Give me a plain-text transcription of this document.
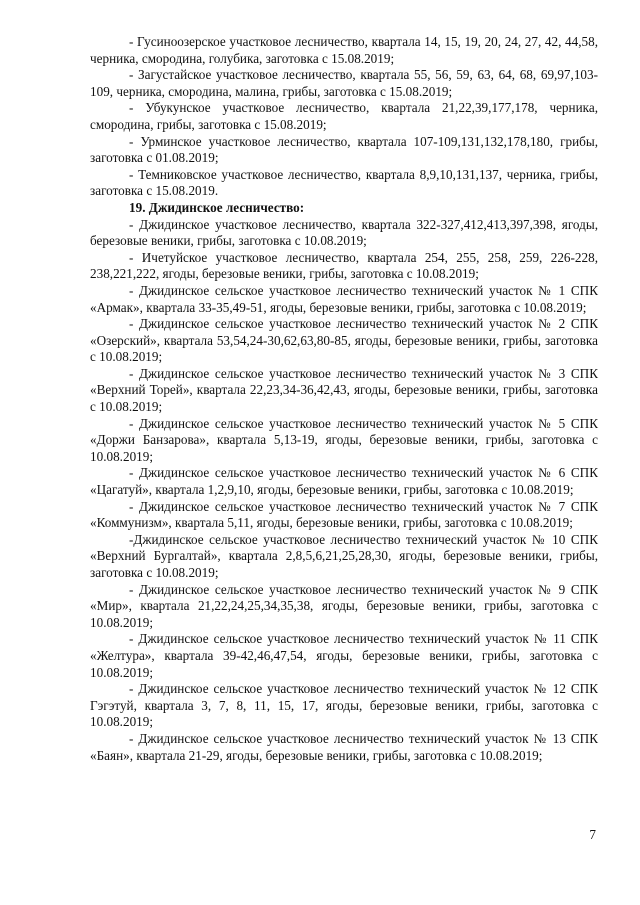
- Гусиноозерское участковое лесничество, квартала 14, 15, 19, 20, 24, 27, 42, 44,58, черника, смородина, голубика, заготовка с 15.08.2019;

- Загустайское участковое лесничество, квартала 55, 56, 59, 63, 64, 68, 69,97,103-109, черника, смородина, малина, грибы, заготовка с 15.08.2019;

- Убукунское участковое лесничество, квартала 21,22,39,177,178, черника, смородина, грибы, заготовка с 15.08.2019;

- Урминское участковое лесничество, квартала 107-109,131,132,178,180, грибы, заготовка с 01.08.2019;

- Темниковское участковое лесничество, квартала 8,9,10,131,137, черника, грибы, заготовка с 15.08.2019.

19. Джидинское лесничество:

- Джидинское участковое лесничество, квартала 322-327,412,413,397,398, ягоды, березовые веники, грибы, заготовка с 10.08.2019;

- Ичетуйское участковое лесничество, квартала 254, 255, 258, 259, 226-228, 238,221,222, ягоды, березовые веники, грибы, заготовка с 10.08.2019;

- Джидинское сельское участковое лесничество технический участок № 1 СПК «Армак», квартала 33-35,49-51, ягоды, березовые веники, грибы, заготовка с 10.08.2019;

- Джидинское сельское участковое лесничество технический участок № 2 СПК «Озерский», квартала 53,54,24-30,62,63,80-85, ягоды, березовые веники, грибы, заготовка с 10.08.2019;

- Джидинское сельское участковое лесничество технический участок № 3 СПК «Верхний Торей», квартала 22,23,34-36,42,43, ягоды, березовые веники, грибы, заготовка с 10.08.2019;

- Джидинское сельское участковое лесничество технический участок № 5 СПК «Доржи Банзарова», квартала 5,13-19, ягоды, березовые веники, грибы, заготовка с 10.08.2019;

- Джидинское сельское участковое лесничество технический участок № 6 СПК «Цагатуй», квартала 1,2,9,10, ягоды, березовые веники, грибы, заготовка с 10.08.2019;

- Джидинское сельское участковое лесничество технический участок № 7 СПК «Коммунизм», квартала 5,11, ягоды, березовые веники, грибы, заготовка с 10.08.2019;

-Джидинское сельское участковое лесничество технический участок № 10 СПК «Верхний Бургалтай», квартала 2,8,5,6,21,25,28,30, ягоды, березовые веники, грибы, заготовка с 10.08.2019;

- Джидинское сельское участковое лесничество технический участок № 9 СПК «Мир», квартала 21,22,24,25,34,35,38, ягоды, березовые веники, грибы, заготовка с 10.08.2019;

- Джидинское сельское участковое лесничество технический участок № 11 СПК «Желтура», квартала 39-42,46,47,54, ягоды, березовые веники, грибы, заготовка с 10.08.2019;

- Джидинское сельское участковое лесничество технический участок № 12 СПК Гэгэтуй, квартала 3, 7, 8, 11, 15, 17, ягоды, березовые веники, грибы, заготовка с 10.08.2019;

- Джидинское сельское участковое лесничество технический участок № 13 СПК «Баян», квартала 21-29, ягоды, березовые веники, грибы, заготовка с 10.08.2019;

7
